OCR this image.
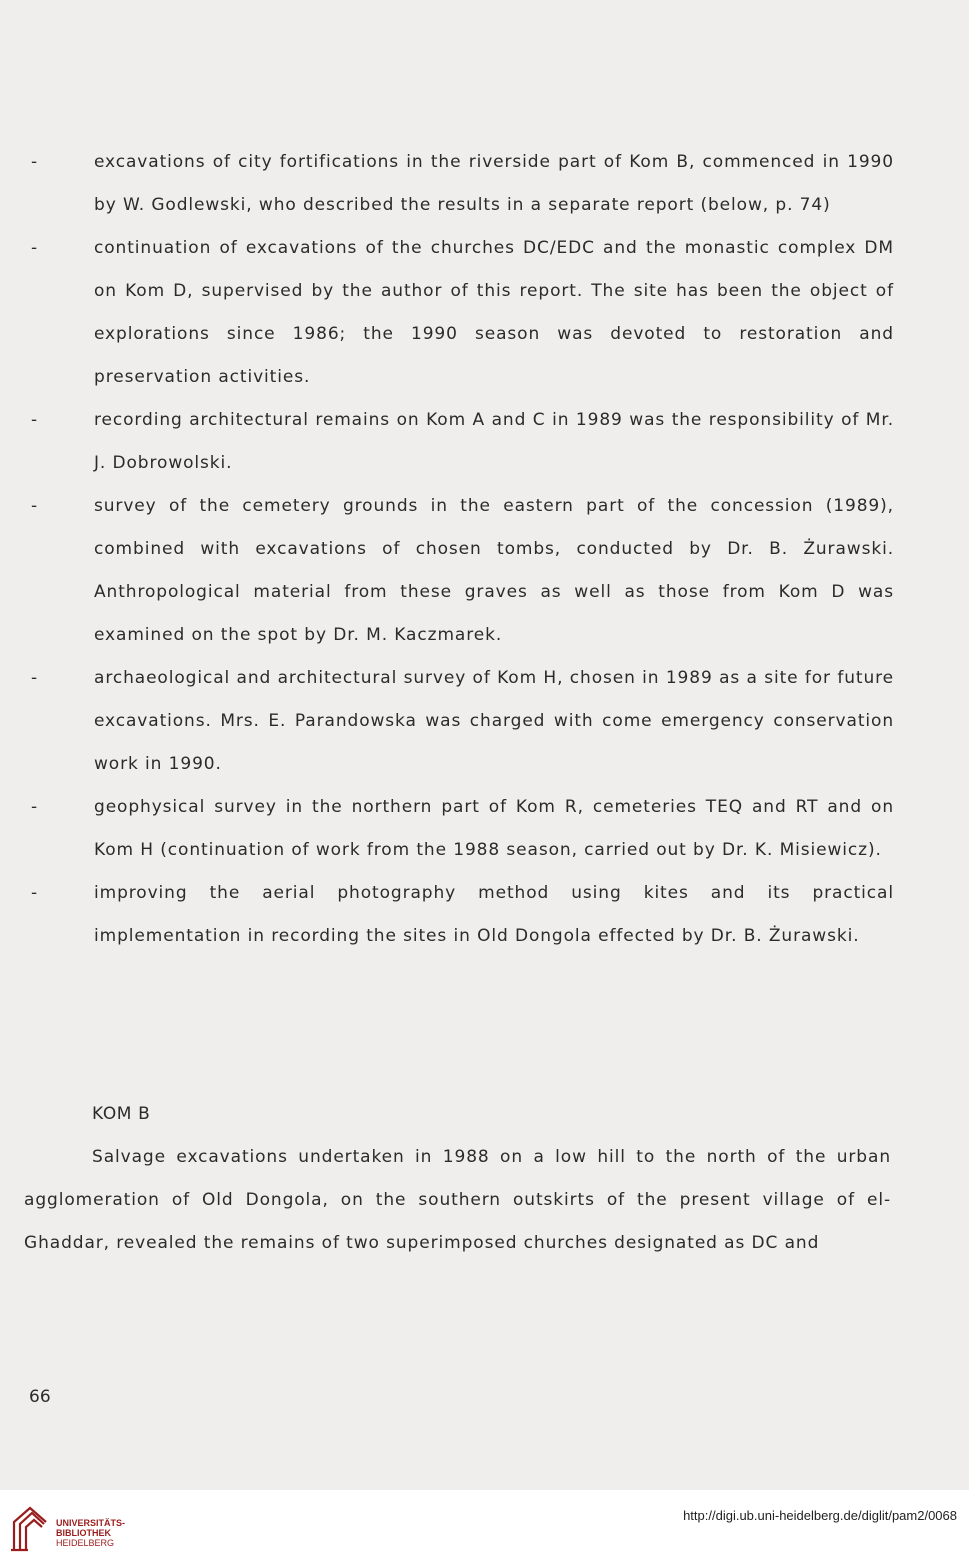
-	excavations of city fortifications in the riverside part of Kom B, commenced in 1990 by W. Godlewski, who described the results in a separate report (below, p. 74)

-	continuation of excavations of the churches DC/EDC and the monastic complex DM on Kom D, supervised by the author of this report. The site has been the object of explorations since 1986; the 1990 season was devoted to restoration and preservation activities.

-	recording architectural remains on Kom A and C in 1989 was the responsibility of Mr. J. Dobrowolski.

-	survey of the cemetery grounds in the eastern part of the concession (1989), combined with excavations of chosen tombs, conducted by Dr. B. Żurawski. Anthropological material from these graves as well as those from Kom D was examined on the spot by Dr. M. Kaczmarek.

-	archaeological and architectural survey of Kom H, chosen in 1989 as a site for future excavations. Mrs. E. Parandowska was charged with come emergency conservation work in 1990.

-	geophysical survey in the northern part of Kom R, cemeteries TEQ and RT and on Kom H (continuation of work from the 1988 season, carried out by Dr. K. Misiewicz).

-	improving the aerial photography method using kites and its practical implementation in recording the sites in Old Dongola effected by Dr. B. Żurawski.

KOM B

Salvage excavations undertaken in 1988 on a low hill to the north of the urban agglomeration of Old Dongola, on the southern outskirts of the present village of el-Ghaddar, revealed the remains of two superimposed churches designated as DC and

66
UNIVERSITÄTS-
BIBLIOTHEK
HEIDELBERG
http://digi.ub.uni-heidelberg.de/diglit/pam2/0068
